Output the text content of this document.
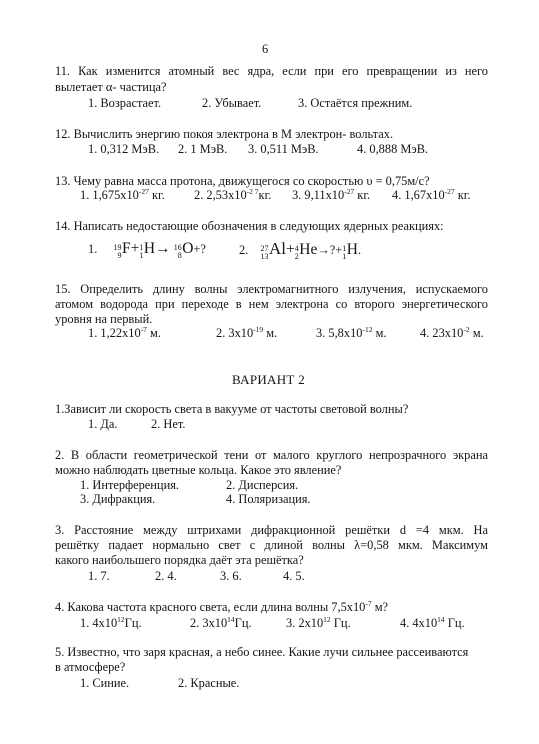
6
11. Как изменится атомный вес ядра, если при его превращении из него
вылетает α- частица?
1. Возрастает.	2. Убывает.	3. Остаётся прежним.
12. Вычислить энергию покоя электрона в М электрон- вольтах.
1. 0,312 МэВ. 2. 1 МэВ. 3. 0,511 МэВ.	4. 0,888 МэВ.
13. Чему равна масса протона, движущегося со скоростью υ = 0,75м/с?
1. $1,675x10^{-27}$ кг. 2. $2,53x10^{-2 7}кг$. 3. $9,11x10^{-27}$ кг. 4. $1,67x10^{-27}$ кг.
14. Написать недостающие обозначения в следующих ядерных реакциях:
1. 19
9 F+ 1
1 H→ 16
8 O+?	2. 27
13 Al+ 4
2 He→?+ 1
1 H.
15. Определить длину волны электромагнитного излучения, испускаемого
атомом водорода при переходе в нем электрона со второго энергетического
уровня на первый.
1. $1,22x10^{-7}$ м.	2. $3x10^{-19}$ м.	3. $5,8x10^{-12}$ м.	4. $23x10^{-2}$ м.
ВАРИАНТ 2
1.Зависит ли скорость света в вакууме от частоты световой волны?
1. Да.	2. Нет.
2. В области геометрической тени от малого круглого непрозрачного экрана
можно наблюдать цветные кольца. Какое это явление?
1. Интерференция.	2. Дисперсия.
3. Дифракция.	4. Поляризация.
3. Расстояние между штрихами дифракционной решётки d =4 мкм. На
решётку падает нормально свет с длиной волны λ=0,58 мкм. Максимум
какого наибольшего порядка даёт эта решётка?
1. 7.	2. 4.	3. 6.	4. 5.
4. Какова частота красного света, если длина волны $7,5x10^{-7}$ м?
1. $4x10^{12}Гц$.	2. $3x10^{14}Гц$.	3. $2x10^{12}$ Гц.	4. $4x10^{14}$ Гц.
5. Известно, что заря красная, а небо синее. Какие лучи сильнее рассеиваются
в атмосфере?
1. Синие.	2. Красные.
